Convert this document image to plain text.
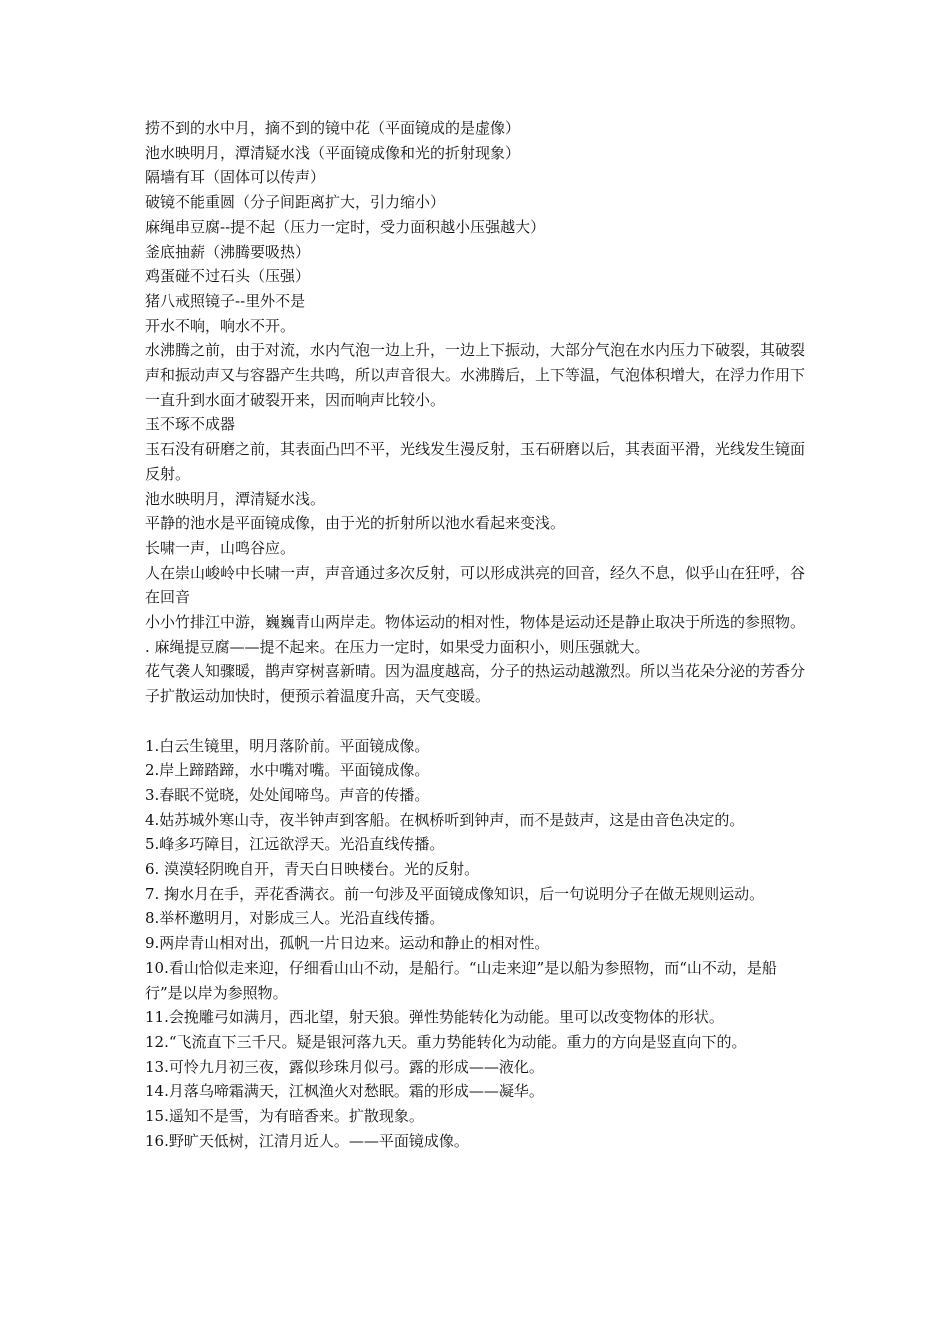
捞不到的水中月，摘不到的镜中花（平面镜成的是虚像）

池水映明月，潭清疑水浅（平面镜成像和光的折射现象）

隔墙有耳（固体可以传声）

破镜不能重圆（分子间距离扩大，引力缩小）

麻绳串豆腐--提不起（压力一定时，受力面积越小压强越大）

釜底抽薪（沸腾要吸热）

鸡蛋碰不过石头（压强）

猪八戒照镜子--里外不是

开水不响，响水不开。

水沸腾之前，由于对流，水内气泡一边上升，一边上下振动，大部分气泡在水内压力下破裂，其破裂声和振动声又与容器产生共鸣，所以声音很大。水沸腾后，上下等温，气泡体积增大，在浮力作用下一直升到水面才破裂开来，因而响声比较小。

玉不琢不成器

玉石没有研磨之前，其表面凸凹不平，光线发生漫反射，玉石研磨以后，其表面平滑，光线发生镜面反射。

池水映明月，潭清疑水浅。

平静的池水是平面镜成像，由于光的折射所以池水看起来变浅。

长啸一声，山鸣谷应。

人在崇山峻岭中长啸一声，声音通过多次反射，可以形成洪亮的回音，经久不息，似乎山在狂呼，谷在回音

小小竹排江中游，巍巍青山两岸走。物体运动的相对性，物体是运动还是静止取决于所选的参照物。

. 麻绳提豆腐——提不起来。在压力一定时，如果受力面积小，则压强就大。

花气袭人知骤暖，鹊声穿树喜新晴。因为温度越高，分子的热运动越激烈。所以当花朵分泌的芳香分子扩散运动加快时，便预示着温度升高，天气变暖。

1.白云生镜里，明月落阶前。平面镜成像。

2.岸上蹄踏蹄，水中嘴对嘴。平面镜成像。

3.春眠不觉晓，处处闻啼鸟。声音的传播。

4.姑苏城外寒山寺，夜半钟声到客船。在枫桥听到钟声，而不是鼓声，这是由音色决定的。

5.峰多巧障目，江远欲浮天。光沿直线传播。

6. 漠漠轻阴晚自开，青天白日映楼台。光的反射。

7. 掬水月在手，弄花香满衣。前一句涉及平面镜成像知识，后一句说明分子在做无规则运动。

8.举杯邀明月，对影成三人。光沿直线传播。

9.两岸青山相对出，孤帆一片日边来。运动和静止的相对性。

10.看山恰似走来迎，仔细看山山不动，是船行。“山走来迎”是以船为参照物，而“山不动，是船行”是以岸为参照物。

11.会挽雕弓如满月，西北望，射天狼。弹性势能转化为动能。里可以改变物体的形状。

12.“飞流直下三千尺。疑是银河落九天。重力势能转化为动能。重力的方向是竖直向下的。

13.可怜九月初三夜，露似珍珠月似弓。露的形成——液化。

14.月落乌啼霜满天，江枫渔火对愁眠。霜的形成——凝华。

15.遥知不是雪，为有暗香来。扩散现象。

16.野旷天低树，江清月近人。——平面镜成像。
